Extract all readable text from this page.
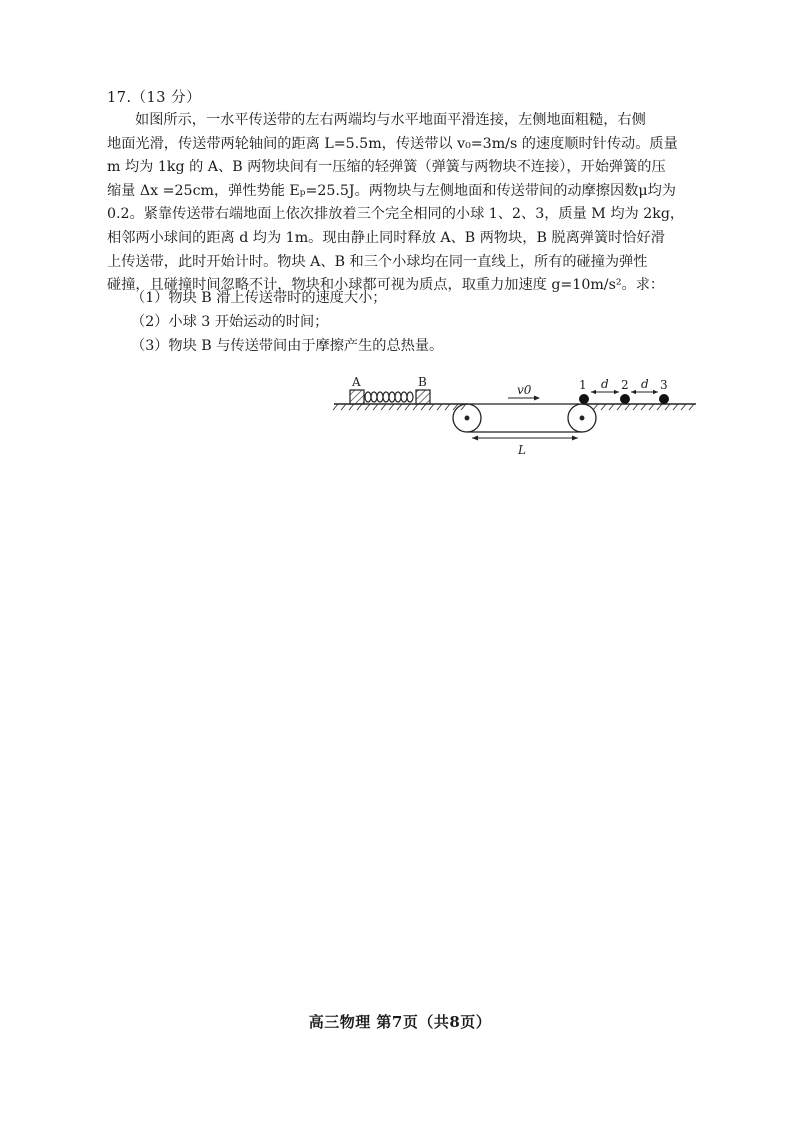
17.（13 分）
如图所示，一水平传送带的左右两端均与水平地面平滑连接，左侧地面粗糙，右侧
地面光滑，传送带两轮轴间的距离 L=5.5m，传送带以 v₀=3m/s 的速度顺时针传动。质量
m 均为 1kg 的 A、B 两物块间有一压缩的轻弹簧（弹簧与两物块不连接），开始弹簧的压
缩量 Δx =25cm，弹性势能 Eₚ=25.5J。两物块与左侧地面和传送带间的动摩擦因数μ均为
0.2。紧靠传送带右端地面上依次排放着三个完全相同的小球 1、2、3，质量 M 均为 2kg，
相邻两小球间的距离 d 均为 1m。现由静止同时释放 A、B 两物块，B 脱离弹簧时恰好滑
上传送带，此时开始计时。物块 A、B 和三个小球均在同一直线上，所有的碰撞为弹性
碰撞，且碰撞时间忽略不计，物块和小球都可视为质点，取重力加速度 g=10m/s²。求：
（1）物块 B 滑上传送带时的速度大小；
（2）小球 3 开始运动的时间；
（3）物块 B 与传送带间由于摩擦产生的总热量。
A	B
v0
L
1	2	3
d	d
高三物理 第7页（共8页）
